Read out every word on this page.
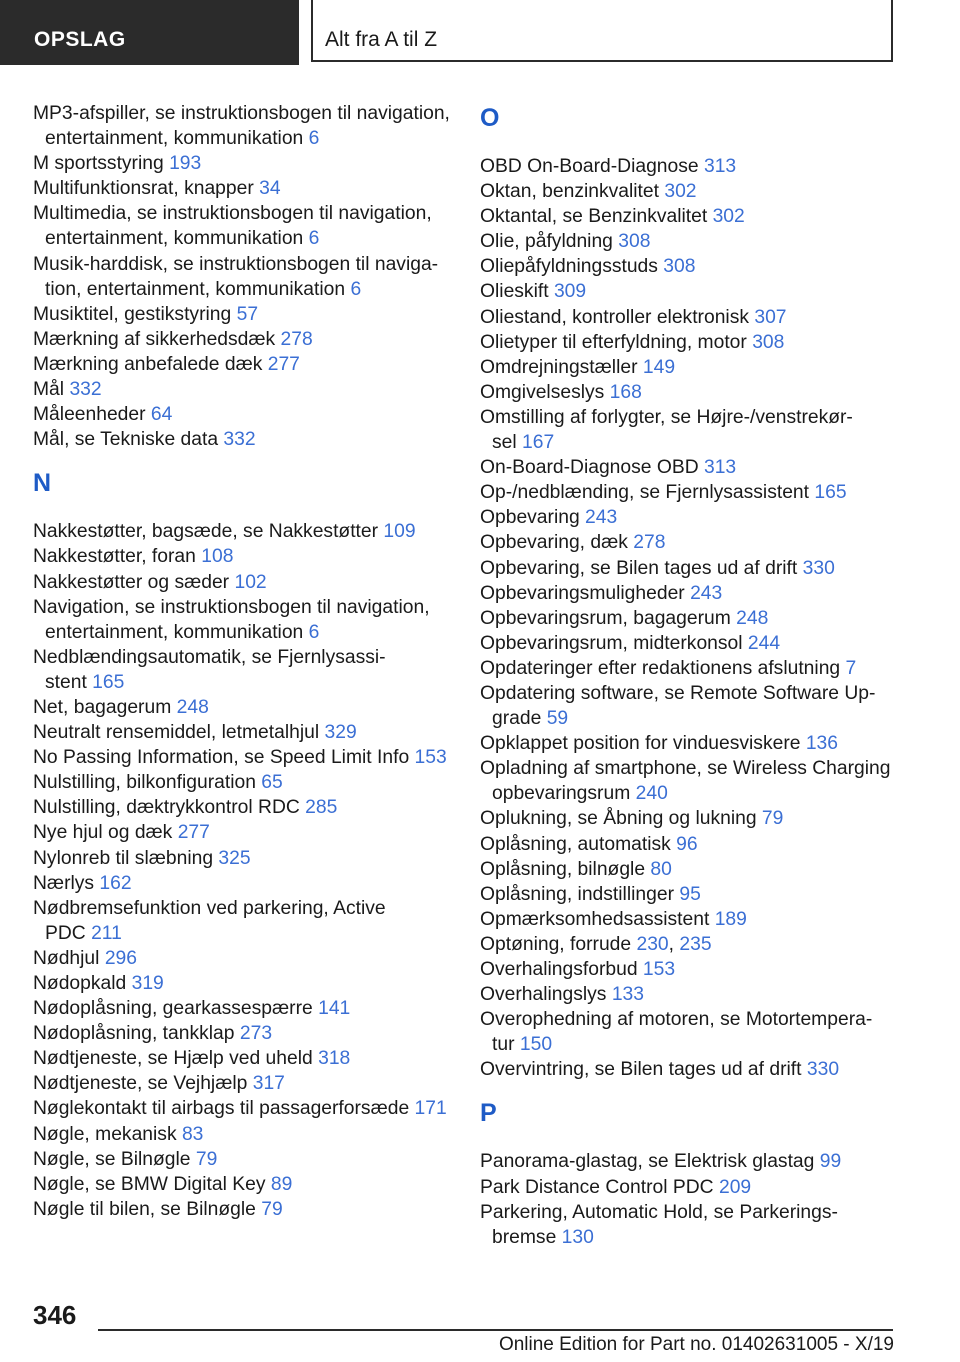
OPSLAG	Alt fra A til Z
MP3-afspiller, se instruktionsbogen til navigation,
entertainment, kommunikation 6
M sportsstyring 193
Multifunktionsrat, knapper 34
Multimedia, se instruktionsbogen til navigation,
entertainment, kommunikation 6
Musik-harddisk, se instruktionsbogen til naviga‐
tion, entertainment, kommunikation 6
Musiktitel, gestikstyring 57
Mærkning af sikkerhedsdæk 278
Mærkning anbefalede dæk 277
Mål 332
Måleenheder 64
Mål, se Tekniske data 332
N
Nakkestøtter, bagsæde, se Nakkestøtter 109
Nakkestøtter, foran 108
Nakkestøtter og sæder 102
Navigation, se instruktionsbogen til navigation,
entertainment, kommunikation 6
Nedblændingsautomatik, se Fjernlysassi‐
stent 165
Net, bagagerum 248
Neutralt rensemiddel, letmetalhjul 329
No Passing Information, se Speed Limit Info 153
Nulstilling, bilkonfiguration 65
Nulstilling, dæktrykkontrol RDC 285
Nye hjul og dæk 277
Nylonreb til slæbning 325
Nærlys 162
Nødbremsefunktion ved parkering, Active
PDC 211
Nødhjul 296
Nødopkald 319
Nødoplåsning, gearkassespærre 141
Nødoplåsning, tankklap 273
Nødtjeneste, se Hjælp ved uheld 318
Nødtjeneste, se Vejhjælp 317
Nøglekontakt til airbags til passagerforsæde 171
Nøgle, mekanisk 83
Nøgle, se Bilnøgle 79
Nøgle, se BMW Digital Key 89
Nøgle til bilen, se Bilnøgle 79
O
OBD On-Board-Diagnose 313
Oktan, benzinkvalitet 302
Oktantal, se Benzinkvalitet 302
Olie, påfyldning 308
Oliepåfyldningsstuds 308
Olieskift 309
Oliestand, kontroller elektronisk 307
Olietyper til efterfyldning, motor 308
Omdrejningstæller 149
Omgivelseslys 168
Omstilling af forlygter, se Højre-/venstrekør‐
sel 167
On-Board-Diagnose OBD 313
Op-/nedblænding, se Fjernlysassistent 165
Opbevaring 243
Opbevaring, dæk 278
Opbevaring, se Bilen tages ud af drift 330
Opbevaringsmuligheder 243
Opbevaringsrum, bagagerum 248
Opbevaringsrum, midterkonsol 244
Opdateringer efter redaktionens afslutning 7
Opdatering software, se Remote Software Up‐
grade 59
Opklappet position for vinduesviskere 136
Opladning af smartphone, se Wireless Charging
opbevaringsrum 240
Oplukning, se Åbning og lukning 79
Oplåsning, automatisk 96
Oplåsning, bilnøgle 80
Oplåsning, indstillinger 95
Opmærksomhedsassistent 189
Optøning, forrude 230, 235
Overhalingsforbud 153
Overhalingslys 133
Overophedning af motoren, se Motortempera‐
tur 150
Overvintring, se Bilen tages ud af drift 330
P
Panorama-glastag, se Elektrisk glastag 99
Park Distance Control PDC 209
Parkering, Automatic Hold, se Parkerings‐
bremse 130
346
Online Edition for Part no. 01402631005 - X/19
